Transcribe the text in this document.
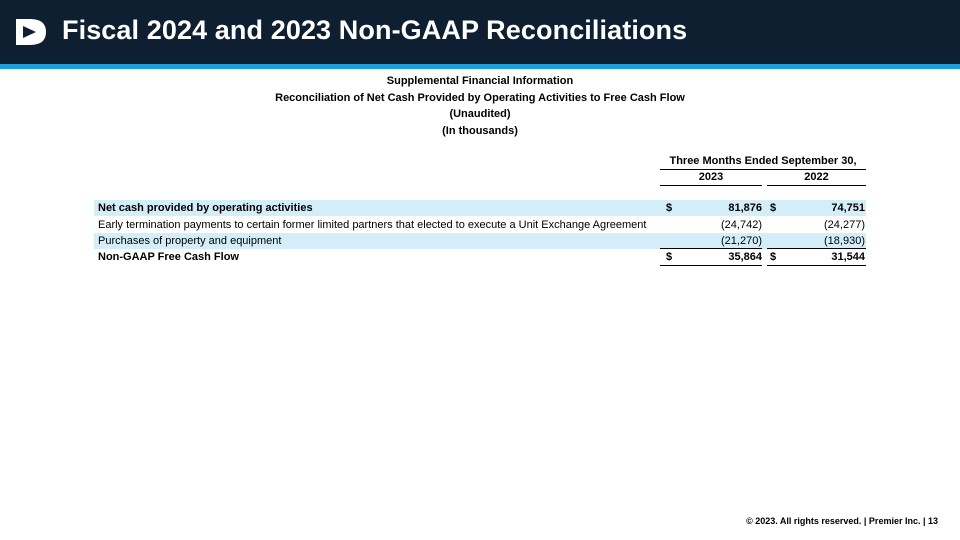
Fiscal 2024 and 2023 Non-GAAP Reconciliations
Supplemental Financial Information
Reconciliation of Net Cash Provided by Operating Activities to Free Cash Flow
(Unaudited)
(In thousands)
Three Months Ended September 30,
2023	2022
Net cash provided by operating activities	$	81,876 $	74,751
Early termination payments to certain former limited partners that elected to execute a Unit Exchange Agreement	(24,742)	(24,277)
Purchases of property and equipment	(21,270)	(18,930)
Non-GAAP Free Cash Flow	$	35,864 $	31,544
© 2023. All rights reserved. | Premier Inc. | 13
